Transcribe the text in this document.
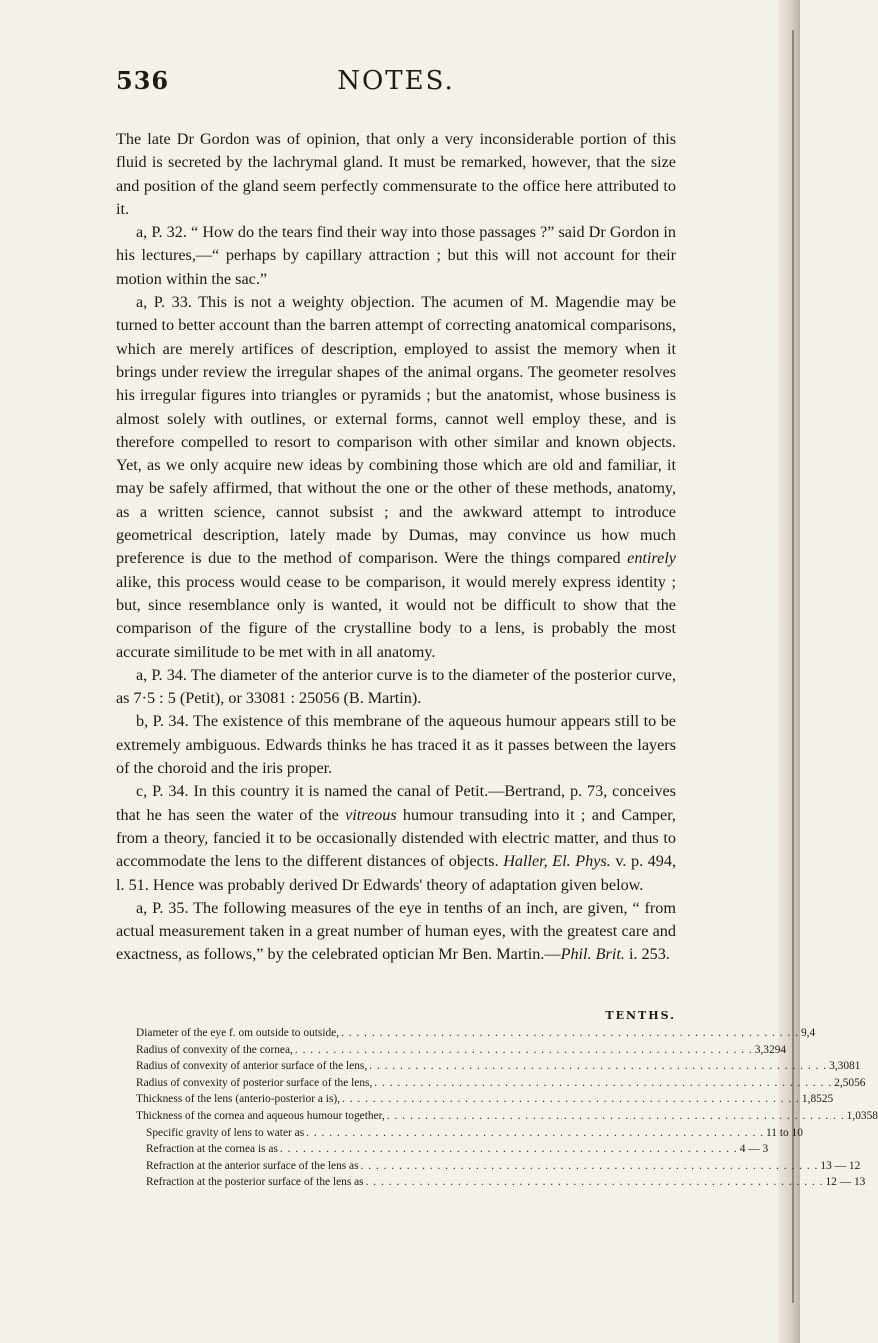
536	NOTES.

The late Dr Gordon was of opinion, that only a very inconsiderable portion of this fluid is secreted by the lachrymal gland. It must be remarked, however, that the size and position of the gland seem perfectly commensurate to the office here attributed to it.

a, P. 32. “ How do the tears find their way into those passages ?” said Dr Gordon in his lectures,—“ perhaps by capillary attraction ; but this will not account for their motion within the sac.”

a, P. 33. This is not a weighty objection. The acumen of M. Magendie may be turned to better account than the barren attempt of correcting anatomical comparisons, which are merely artifices of description, employed to assist the memory when it brings under review the irregular shapes of the animal organs. The geometer resolves his irregular figures into triangles or pyramids ; but the anatomist, whose business is almost solely with outlines, or external forms, cannot well employ these, and is therefore compelled to resort to comparison with other similar and known objects. Yet, as we only acquire new ideas by combining those which are old and familiar, it may be safely affirmed, that without the one or the other of these methods, anatomy, as a written science, cannot subsist ; and the awkward attempt to introduce geometrical description, lately made by Dumas, may convince us how much preference is due to the method of comparison. Were the things compared entirely alike, this process would cease to be comparison, it would merely express identity ; but, since resemblance only is wanted, it would not be difficult to show that the comparison of the figure of the crystalline body to a lens, is probably the most accurate similitude to be met with in all anatomy.

a, P. 34. The diameter of the anterior curve is to the diameter of the posterior curve, as 7·5 : 5 (Petit), or 33081 : 25056 (B. Martin).

b, P. 34. The existence of this membrane of the aqueous humour appears still to be extremely ambiguous. Edwards thinks he has traced it as it passes between the layers of the choroid and the iris proper.

c, P. 34. In this country it is named the canal of Petit.—Bertrand, p. 73, conceives that he has seen the water of the vitreous humour transuding into it ; and Camper, from a theory, fancied it to be occasionally distended with electric matter, and thus to accommodate the lens to the different distances of objects. Haller, El. Phys. v. p. 494, l. 51. Hence was probably derived Dr Edwards' theory of adaptation given below.

a, P. 35. The following measures of the eye in tenths of an inch, are given, “ from actual measurement taken in a great number of human eyes, with the greatest care and exactness, as follows,” by the celebrated optician Mr Ben. Martin.—Phil. Brit. i. 253.

TENTHS.
Diameter of the eye f. om outside to outside, . . . . . . . . . . . . . . . . . . . . . . . . . . . . . . . . . . . . . . . . . . . . . . . . . . . . . . . . . . . . 9,4
Radius of convexity of the cornea, . . . . . . . . . . . . . . . . . . . . . . . . . . . . . . . . . . . . . . . . . . . . . . . . . . . . . . . . . . . . 3,3294
Radius of convexity of anterior surface of the lens, . . . . . . . . . . . . . . . . . . . . . . . . . . . . . . . . . . . . . . . . . . . . . . . . . . . . . . . . . . . . 3,3081
Radius of convexity of posterior surface of the lens, . . . . . . . . . . . . . . . . . . . . . . . . . . . . . . . . . . . . . . . . . . . . . . . . . . . . . . . . . . . . 2,5056
Thickness of the lens (anterio-posterior a is), . . . . . . . . . . . . . . . . . . . . . . . . . . . . . . . . . . . . . . . . . . . . . . . . . . . . . . . . . . . . 1,8525
Thickness of the cornea and aqueous humour together, . . . . . . . . . . . . . . . . . . . . . . . . . . . . . . . . . . . . . . . . . . . . . . . . . . . . . . . . . . . . 1,0358
Specific gravity of lens to water as . . . . . . . . . . . . . . . . . . . . . . . . . . . . . . . . . . . . . . . . . . . . . . . . . . . . . . . . . . . . 11 to 10
Refraction at the cornea is as . . . . . . . . . . . . . . . . . . . . . . . . . . . . . . . . . . . . . . . . . . . . . . . . . . . . . . . . . . . . 4 — 3
Refraction at the anterior surface of the lens as . . . . . . . . . . . . . . . . . . . . . . . . . . . . . . . . . . . . . . . . . . . . . . . . . . . . . . . . . . . . 13 — 12
Refraction at the posterior surface of the lens as . . . . . . . . . . . . . . . . . . . . . . . . . . . . . . . . . . . . . . . . . . . . . . . . . . . . . . . . . . . . 12 — 13
